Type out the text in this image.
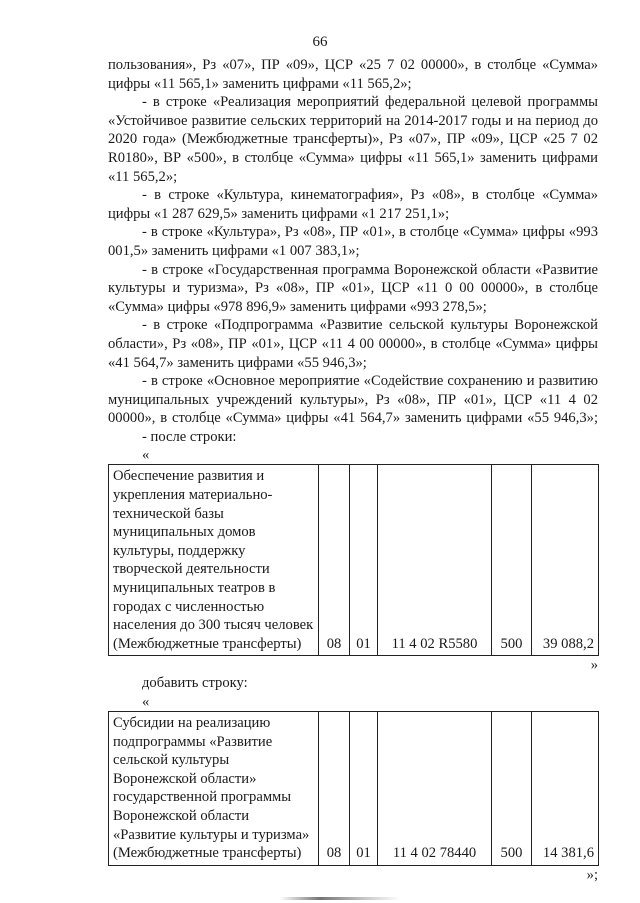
66

пользования», Рз «07», ПР «09», ЦСР «25 7 02 00000», в столбце «Сумма» цифры «11 565,1» заменить цифрами «11 565,2»;

- в строке «Реализация мероприятий федеральной целевой программы «Устойчивое развитие сельских территорий на 2014-2017 годы и на период до 2020 года» (Межбюджетные трансферты)», Рз «07», ПР «09», ЦСР «25 7 02 R0180», ВР «500», в столбце «Сумма» цифры «11 565,1» заменить цифрами «11 565,2»;

- в строке «Культура, кинематография», Рз «08», в столбце «Сумма» цифры «1 287 629,5» заменить цифрами «1 217 251,1»;

- в строке «Культура», Рз «08», ПР «01», в столбце «Сумма» цифры «993 001,5» заменить цифрами «1 007 383,1»;

- в строке «Государственная программа Воронежской области «Развитие культуры и туризма», Рз «08», ПР «01», ЦСР «11 0 00 00000», в столбце «Сумма» цифры «978 896,9» заменить цифрами «993 278,5»;

- в строке «Подпрограмма «Развитие сельской культуры Воронежской области», Рз «08», ПР «01», ЦСР «11 4 00 00000», в столбце «Сумма» цифры «41 564,7» заменить цифрами «55 946,3»;

- в строке «Основное мероприятие «Содействие сохранению и развитию муниципальных учреждений культуры», Рз «08», ПР «01», ЦСР «11 4 02 00000», в столбце «Сумма» цифры «41 564,7» заменить цифрами «55 946,3»;

- после строки:

«

Обеспечение развития и укрепления материально-технической базы муниципальных домов культуры, поддержку творческой деятельности муниципальных театров в городах с численностью населения до 300 тысяч человек (Межбюджетные трансферты)	08	01	11 4 02 R5580	500	39 088,2

»

добавить строку:

«

Субсидии на реализацию подпрограммы «Развитие сельской культуры Воронежской области» государственной программы Воронежской области «Развитие культуры и туризма» (Межбюджетные трансферты)	08	01	11 4 02 78440	500	14 381,6

»;
